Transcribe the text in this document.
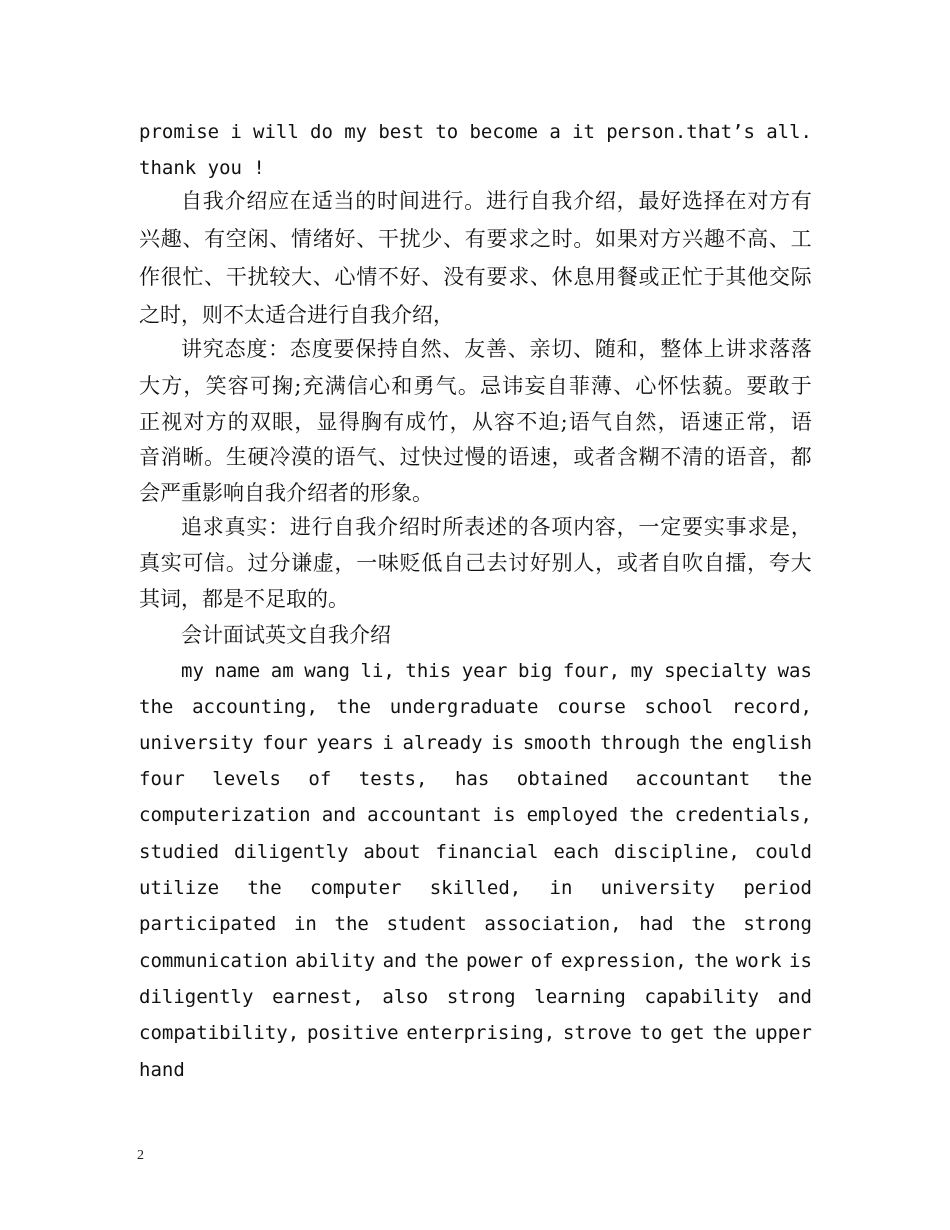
promise i will do my best to become a it person.that’s all.
thank you !
自 我 介 绍 应 在 适 当 的 时 间 进 行 。 进 行 自 我 介 绍 ， 最 好 选 择 在 对 方 有
兴 趣 、 有 空 闲 、 情 绪 好 、 干 扰 少 、 有 要 求 之 时 。 如 果 对 方 兴 趣 不 高 、 工
作 很 忙 、 干 扰 较 大 、 心 情 不 好 、 没 有 要 求 、 休 息 用 餐 或 正 忙 于 其 他 交 际
之时，则不太适合进行自我介绍，
讲 究 态 度 ： 态 度 要 保 持 自 然 、 友 善 、 亲 切 、 随 和 ， 整 体 上 讲 求 落 落
大 方 ， 笑 容 可 掬 ; 充 满 信 心 和 勇 气 。 忌 讳 妄 自 菲 薄 、 心 怀 怯 藐 。 要 敢 于
正 视 对 方 的 双 眼 ， 显 得 胸 有 成 竹 ， 从 容 不 迫 ; 语 气 自 然 ， 语 速 正 常 ， 语
音 消 晰 。 生 硬 冷 漠 的 语 气 、 过 快 过 慢 的 语 速 ， 或 者 含 糊 不 清 的 语 音 ， 都
会严重影响自我介绍者的形象。
追 求 真 实 ： 进 行 自 我 介 绍 时 所 表 述 的 各 项 内 容 ， 一 定 要 实 事 求 是 ，
真 实 可 信 。 过 分 谦 虚 ， 一 味 贬 低 自 己 去 讨 好 别 人 ， 或 者 自 吹 自 擂 ， 夸 大
其词，都是不足取的。
会计面试英文自我介绍
my name am wang li, this year big four, my specialty was
the accounting, the undergraduate course school record,
university four years i already is smooth through the english
four levels of tests, has obtained accountant the
computerization and accountant is employed the credentials,
studied diligently about financial each discipline, could
utilize the computer skilled, in university period
participated in the student association, had the strong
communication ability and the power of expression, the work is
diligently earnest, also strong learning capability and
compatibility, positive enterprising, strove to get the upper
hand
2
